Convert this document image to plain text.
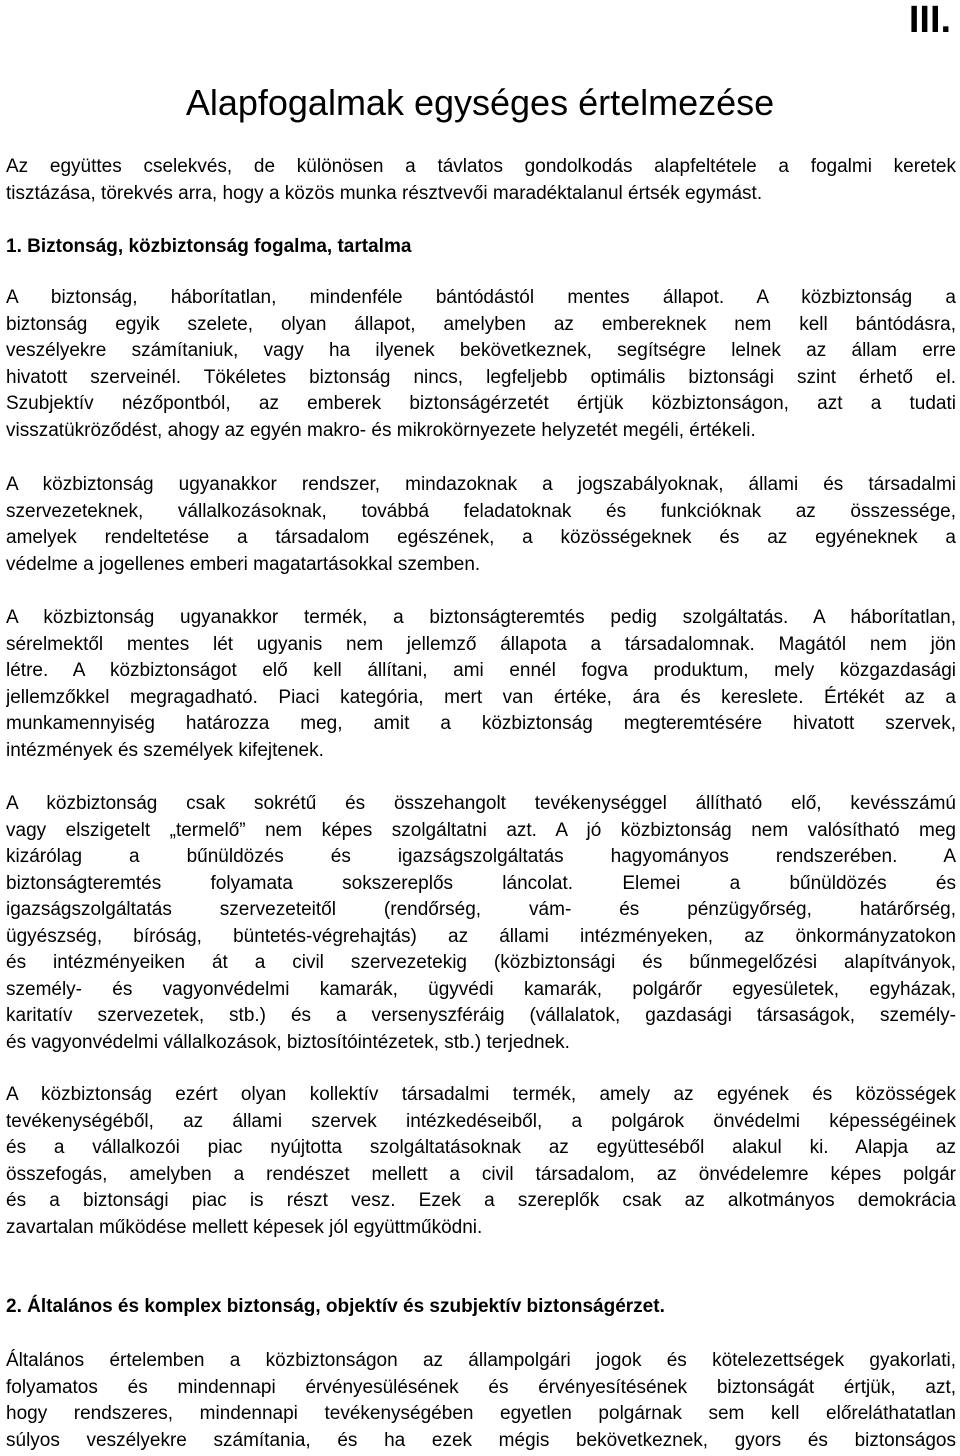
III.
Alapfogalmak egységes értelmezése
Az együttes cselekvés, de különösen a távlatos gondolkodás alapfeltétele a fogalmi keretek
tisztázása, törekvés arra, hogy a közös munka résztvevői maradéktalanul értsék egymást.
1. Biztonság, közbiztonság fogalma, tartalma
A biztonság, háborítatlan, mindenféle bántódástól mentes állapot. A közbiztonság a
biztonság egyik szelete, olyan állapot, amelyben az embereknek nem kell bántódásra,
veszélyekre számítaniuk, vagy ha ilyenek bekövetkeznek, segítségre lelnek az állam erre
hivatott szerveinél. Tökéletes biztonság nincs, legfeljebb optimális biztonsági szint érhető el.
Szubjektív nézőpontból, az emberek biztonságérzetét értjük közbiztonságon, azt a tudati
visszatükröződést, ahogy az egyén makro- és mikrokörnyezete helyzetét megéli, értékeli.
A közbiztonság ugyanakkor rendszer, mindazoknak a jogszabályoknak, állami és társadalmi
szervezeteknek, vállalkozásoknak, továbbá feladatoknak és funkcióknak az összessége,
amelyek rendeltetése a társadalom egészének, a közösségeknek és az egyéneknek a
védelme a jogellenes emberi magatartásokkal szemben.
A közbiztonság ugyanakkor termék, a biztonságteremtés pedig szolgáltatás. A háborítatlan,
sérelmektől mentes lét ugyanis nem jellemző állapota a társadalomnak. Magától nem jön
létre. A közbiztonságot elő kell állítani, ami ennél fogva produktum, mely közgazdasági
jellemzőkkel megragadható. Piaci kategória, mert van értéke, ára és kereslete. Értékét az a
munkamennyiség határozza meg, amit a közbiztonság megteremtésére hivatott szervek,
intézmények és személyek kifejtenek.
A közbiztonság csak sokrétű és összehangolt tevékenységgel állítható elő, kevésszámú
vagy elszigetelt „termelő” nem képes szolgáltatni azt. A jó közbiztonság nem valósítható meg
kizárólag a bűnüldözés és igazságszolgáltatás hagyományos rendszerében. A
biztonságteremtés folyamata sokszereplős láncolat. Elemei a bűnüldözés és
igazságszolgáltatás szervezeteitől (rendőrség, vám- és pénzügyőrség, határőrség,
ügyészség, bíróság, büntetés-végrehajtás) az állami intézményeken, az önkormányzatokon
és intézményeiken át a civil szervezetekig (közbiztonsági és bűnmegelőzési alapítványok,
személy- és vagyonvédelmi kamarák, ügyvédi kamarák, polgárőr egyesületek, egyházak,
karitatív szervezetek, stb.) és a versenyszféráig (vállalatok, gazdasági társaságok, személy-
és vagyonvédelmi vállalkozások, biztosítóintézetek, stb.) terjednek.
A közbiztonság ezért olyan kollektív társadalmi termék, amely az egyének és közösségek
tevékenységéből, az állami szervek intézkedéseiből, a polgárok önvédelmi képességéinek
és a vállalkozói piac nyújtotta szolgáltatásoknak az együtteséből alakul ki. Alapja az
összefogás, amelyben a rendészet mellett a civil társadalom, az önvédelemre képes polgár
és a biztonsági piac is részt vesz. Ezek a szereplők csak az alkotmányos demokrácia
zavartalan működése mellett képesek jól együttműködni.
2. Általános és komplex biztonság, objektív és szubjektív biztonságérzet.
Általános értelemben a közbiztonságon az állampolgári jogok és kötelezettségek gyakorlati,
folyamatos és mindennapi érvényesülésének és érvényesítésének biztonságát értjük, azt,
hogy rendszeres, mindennapi tevékenységében egyetlen polgárnak sem kell előreláthatatlan
súlyos veszélyekre számítania, és ha ezek mégis bekövetkeznek, gyors és biztonságos
